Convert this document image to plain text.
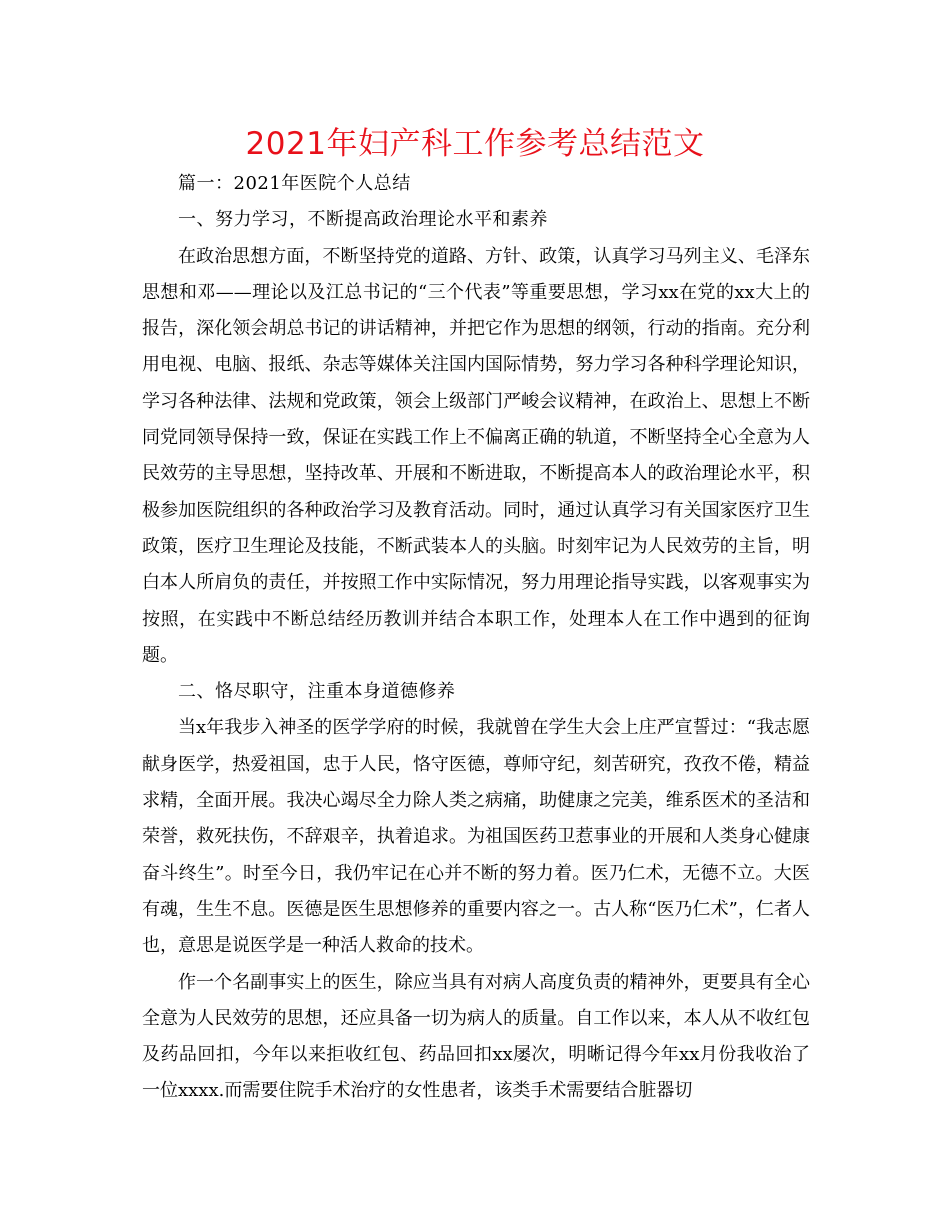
2021年妇产科工作参考总结范文

篇一：2021年医院个人总结

一、努力学习，不断提高政治理论水平和素养

在政治思想方面，不断坚持党的道路、方针、政策，认真学习马列主义、毛泽东思想和邓——理论以及江总书记的“三个代表”等重要思想，学习xx在党的xx大上的报告，深化领会胡总书记的讲话精神，并把它作为思想的纲领，行动的指南。充分利用电视、电脑、报纸、杂志等媒体关注国内国际情势，努力学习各种科学理论知识，学习各种法律、法规和党政策，领会上级部门严峻会议精神，在政治上、思想上不断同党同领导保持一致，保证在实践工作上不偏离正确的轨道，不断坚持全心全意为人民效劳的主导思想，坚持改革、开展和不断进取，不断提高本人的政治理论水平，积极参加医院组织的各种政治学习及教育活动。同时，通过认真学习有关国家医疗卫生政策，医疗卫生理论及技能，不断武装本人的头脑。时刻牢记为人民效劳的主旨，明白本人所肩负的责任，并按照工作中实际情况，努力用理论指导实践，以客观事实为按照，在实践中不断总结经历教训并结合本职工作，处理本人在工作中遇到的征询题。

二、恪尽职守，注重本身道德修养

当x年我步入神圣的医学学府的时候，我就曾在学生大会上庄严宣誓过：“我志愿献身医学，热爱祖国，忠于人民，恪守医德，尊师守纪，刻苦研究，孜孜不倦，精益求精，全面开展。我决心竭尽全力除人类之病痛，助健康之完美，维系医术的圣洁和荣誉，救死扶伤，不辞艰辛，执着追求。为祖国医药卫惹事业的开展和人类身心健康奋斗终生”。时至今日，我仍牢记在心并不断的努力着。医乃仁术，无德不立。大医有魂，生生不息。医德是医生思想修养的重要内容之一。古人称“医乃仁术”，仁者人也，意思是说医学是一种活人救命的技术。

作一个名副事实上的医生，除应当具有对病人高度负责的精神外，更要具有全心全意为人民效劳的思想，还应具备一切为病人的质量。自工作以来，本人从不收红包及药品回扣，今年以来拒收红包、药品回扣xx屡次，明晰记得今年xx月份我收治了一位xxxx.而需要住院手术治疗的女性患者，该类手术需要结合脏器切
